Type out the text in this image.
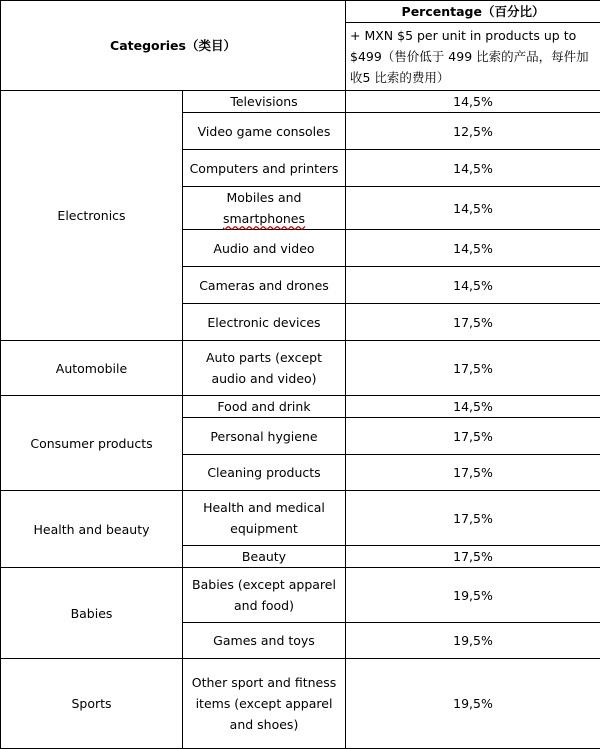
Categories（类目）		Percentage（百分比）
		+ MXN $5 per unit in products up to $499（售价低于 499 比索的产品，每件加收5 比索的费用）
Electronics	Televisions	14,5%
	Video game consoles	12,5%
	Computers and printers	14,5%
	Mobiles and smartphones	14,5%
	Audio and video	14,5%
	Cameras and drones	14,5%
	Electronic devices	17,5%
Automobile	Auto parts (except audio and video)	17,5%
Consumer products	Food and drink	14,5%
	Personal hygiene	17,5%
	Cleaning products	17,5%
Health and beauty	Health and medical equipment	17,5%
	Beauty	17,5%
Babies	Babies (except apparel and food)	19,5%
	Games and toys	19,5%
Sports	Other sport and fitness items (except apparel and shoes)	19,5%
